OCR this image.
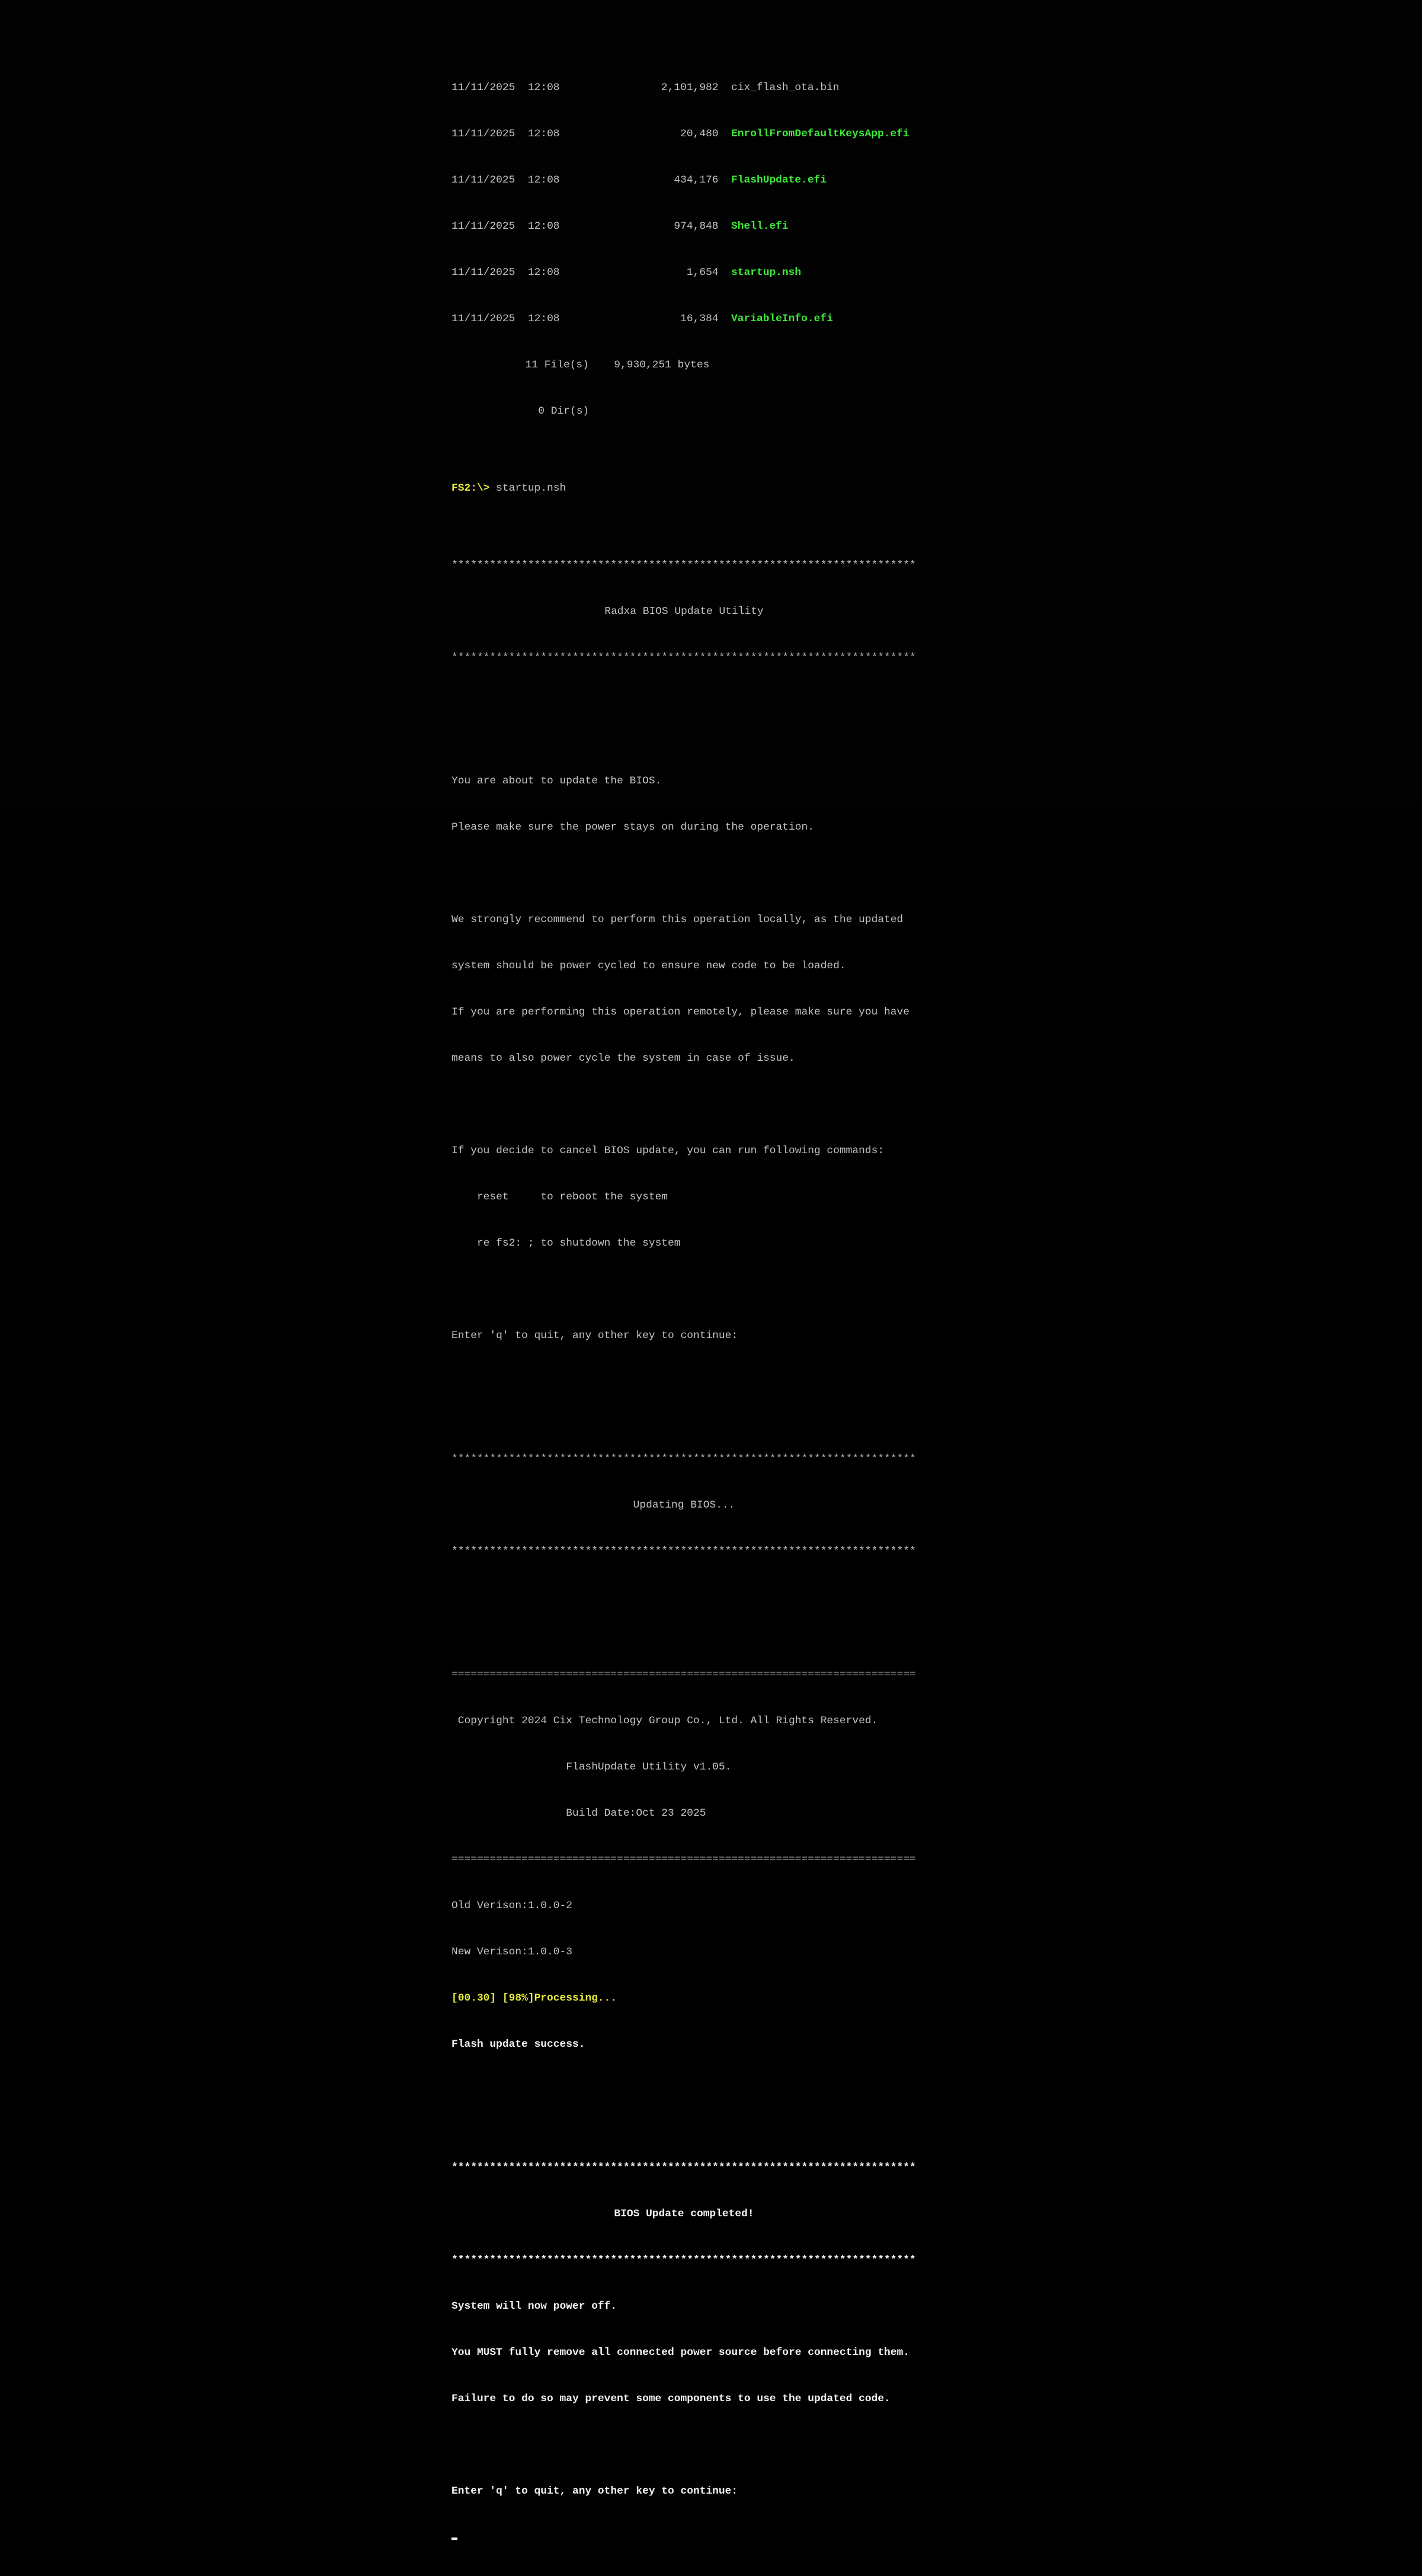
11/11/2025 12:08	2,101,982 cix_flash_ota.bin

11/11/2025 12:08	20,480 EnrollFromDefaultKeysApp.efi

11/11/2025 12:08	434,176 FlashUpdate.efi

11/11/2025 12:08	974,848 Shell.efi

11/11/2025 12:08	1,654 startup.nsh

11/11/2025 12:08	16,384 VariableInfo.efi

11 File(s) 9,930,251 bytes

0 Dir(s)

FS2:\> startup.nsh

*************************************************************************

Radxa BIOS Update Utility

*************************************************************************

You are about to update the BIOS.

Please make sure the power stays on during the operation.

We strongly recommend to perform this operation locally, as the updated

system should be power cycled to ensure new code to be loaded.

If you are performing this operation remotely, please make sure you have

means to also power cycle the system in case of issue.

If you decide to cancel BIOS update, you can run following commands:

reset     to reboot the system

re fs2: ; to shutdown the system

Enter 'q' to quit, any other key to continue:

*************************************************************************

Updating BIOS...

*************************************************************************

=========================================================================

Copyright 2024 Cix Technology Group Co., Ltd. All Rights Reserved.

FlashUpdate Utility v1.05.

Build Date:Oct 23 2025

=========================================================================

Old Verison:1.0.0-2

New Verison:1.0.0-3

[00.30] [98%]Processing...

Flash update success.

*************************************************************************

BIOS Update completed!

*************************************************************************

System will now power off.

You MUST fully remove all connected power source before connecting them.

Failure to do so may prevent some components to use the updated code.

Enter 'q' to quit, any other key to continue:
